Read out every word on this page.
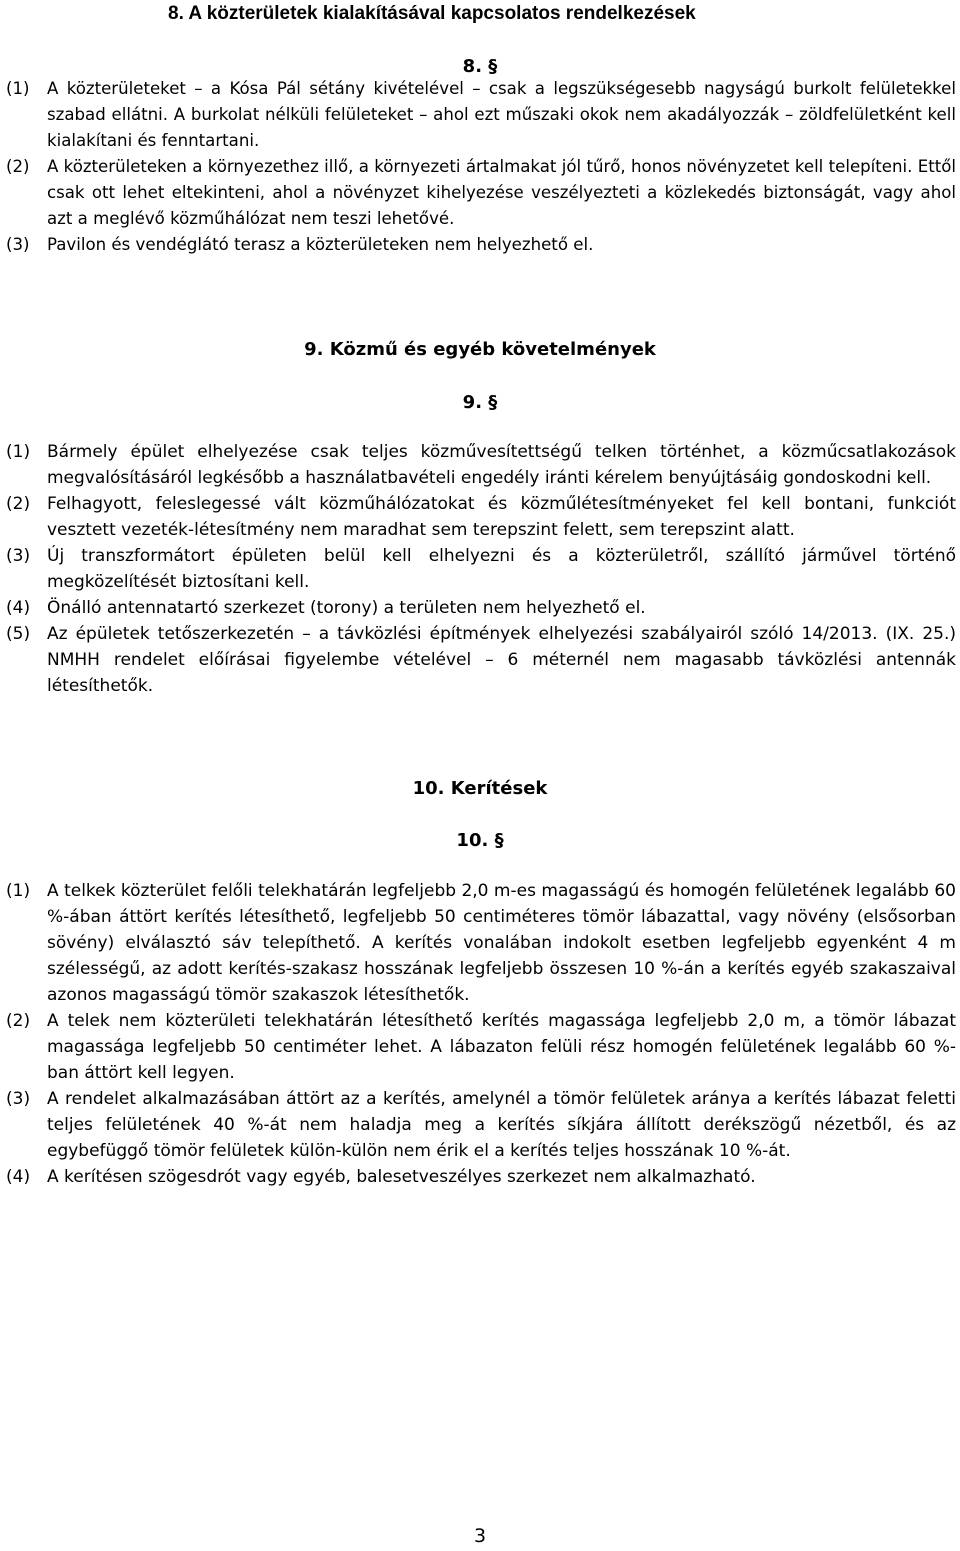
8. A közterületek kialakításával kapcsolatos rendelkezések
8. §
(1) A közterületeket – a Kósa Pál sétány kivételével – csak a legszükségesebb nagyságú burkolt felületekkel szabad ellátni. A burkolat nélküli felületeket – ahol ezt műszaki okok nem akadályozzák – zöldfelületként kell kialakítani és fenntartani.
(2) A közterületeken a környezethez illő, a környezeti ártalmakat jól tűrő, honos növényzetet kell telepíteni. Ettől csak ott lehet eltekinteni, ahol a növényzet kihelyezése veszélyezteti a közlekedés biztonságát, vagy ahol azt a meglévő közműhálózat nem teszi lehetővé.
(3) Pavilon és vendéglátó terasz a közterületeken nem helyezhető el.
9. Közmű és egyéb követelmények
9. §
(1) Bármely épület elhelyezése csak teljes közművesítettségű telken történhet, a közműcsatlakozások megvalósításáról legkésőbb a használatbavételi engedély iránti kérelem benyújtásáig gondoskodni kell.
(2) Felhagyott, feleslegessé vált közműhálózatokat és közműlétesítményeket fel kell bontani, funkciót vesztett vezeték-létesítmény nem maradhat sem terepszint felett, sem terepszint alatt.
(3) Új transzformátort épületen belül kell elhelyezni és a közterületről, szállító járművel történő megközelítését biztosítani kell.
(4) Önálló antennatartó szerkezet (torony) a területen nem helyezhető el.
(5) Az épületek tetőszerkezetén – a távközlési építmények elhelyezési szabályairól szóló 14/2013. (IX. 25.) NMHH rendelet előírásai figyelembe vételével – 6 méternél nem magasabb távközlési antennák létesíthetők.
10. Kerítések
10. §
(1) A telkek közterület felőli telekhatárán legfeljebb 2,0 m-es magasságú és homogén felületének legalább 60 %-ában áttört kerítés létesíthető, legfeljebb 50 centiméteres tömör lábazattal, vagy növény (elsősorban sövény) elválasztó sáv telepíthető. A kerítés vonalában indokolt esetben legfeljebb egyenként 4 m szélességű, az adott kerítés-szakasz hosszának legfeljebb összesen 10 %-án a kerítés egyéb szakaszaival azonos magasságú tömör szakaszok létesíthetők.
(2) A telek nem közterületi telekhatárán létesíthető kerítés magassága legfeljebb 2,0 m, a tömör lábazat magassága legfeljebb 50 centiméter lehet. A lábazaton felüli rész homogén felületének legalább 60 %-ban áttört kell legyen.
(3) A rendelet alkalmazásában áttört az a kerítés, amelynél a tömör felületek aránya a kerítés lábazat feletti teljes felületének 40 %-át nem haladja meg a kerítés síkjára állított derékszögű nézetből, és az egybefüggő tömör felületek külön-külön nem érik el a kerítés teljes hosszának 10 %-át.
(4) A kerítésen szögesdrót vagy egyéb, balesetveszélyes szerkezet nem alkalmazható.
3
